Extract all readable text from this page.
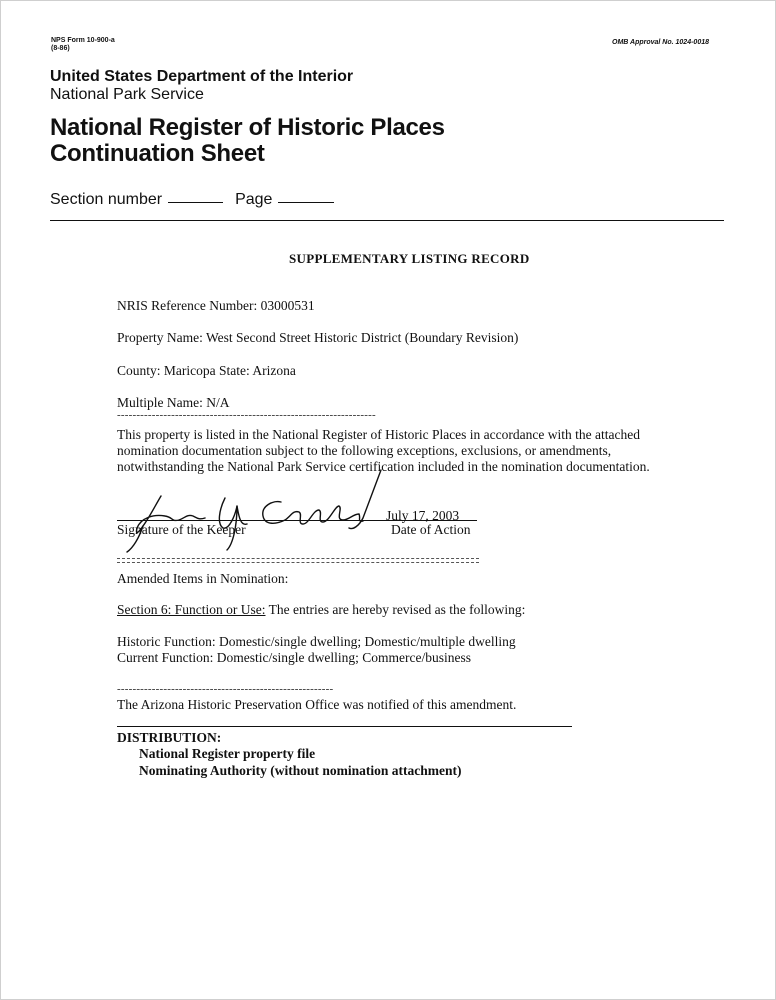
NPS Form 10-900-a
(8-86)
OMB Approval No. 1024-0018
United States Department of the Interior
National Park Service
National Register of Historic Places
Continuation Sheet
Section number	Page
SUPPLEMENTARY LISTING RECORD
NRIS Reference Number: 03000531
Property Name: West Second Street Historic District (Boundary Revision)
County: Maricopa State: Arizona
Multiple Name: N/A
-------------------------------------------------------------------
This property is listed in the National Register of Historic Places in accordance with the attached nomination documentation subject to the following exceptions, exclusions, or amendments, notwithstanding the National Park Service certification included in the nomination documentation.
July 17, 2003
Signature of the Keeper	Date of Action
Amended Items in Nomination:
Section 6: Function or Use: The entries are hereby revised as the following:
Historic Function: Domestic/single dwelling; Domestic/multiple dwelling
Current Function: Domestic/single dwelling; Commerce/business
--------------------------------------------------------
The Arizona Historic Preservation Office was notified of this amendment.
DISTRIBUTION:
National Register property file
Nominating Authority (without nomination attachment)
